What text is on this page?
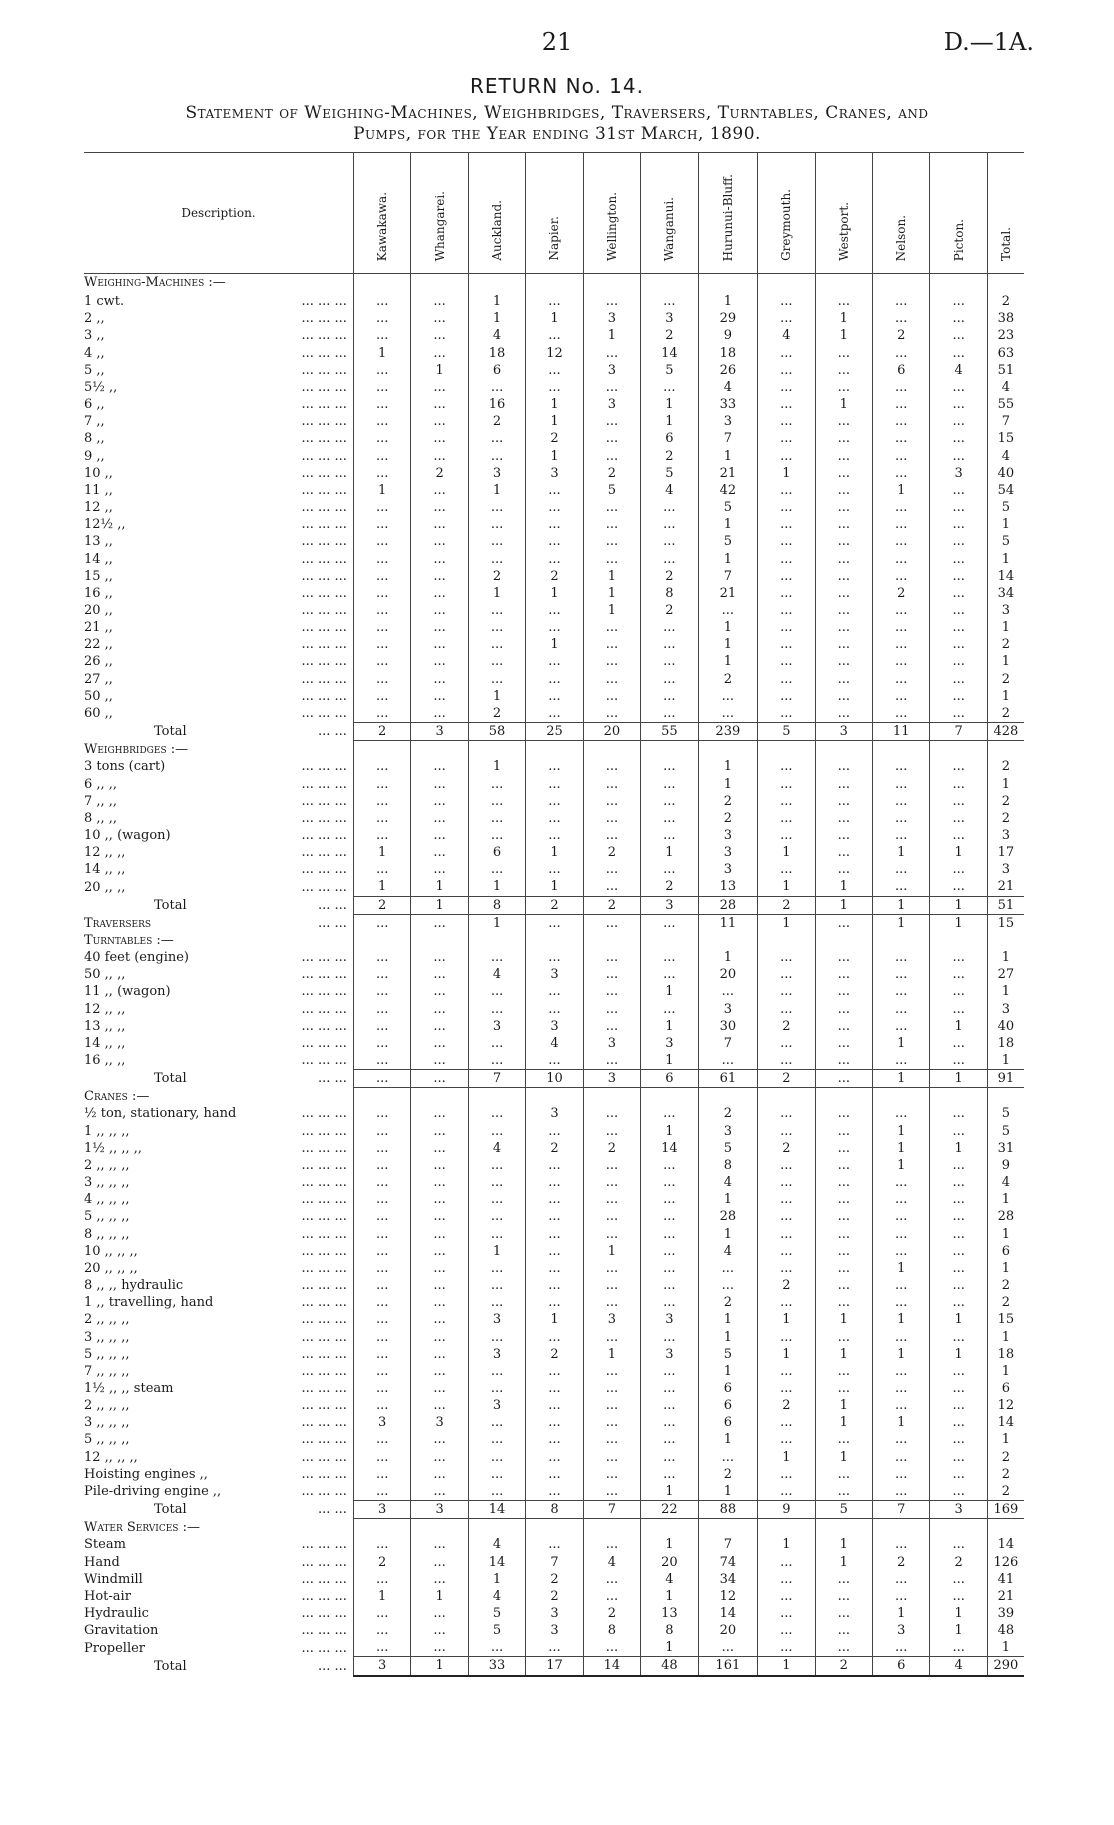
21	D.—1A.
RETURN No. 14.
Statement of Weighing-Machines, Weighbridges, Traversers, Turntables, Cranes, and
Pumps, for the Year ending 31st March, 1890.
Description.	Kawakawa.	Whangarei.	Auckland.	Napier.	Wellington.	Wanganui.	Hurunui-Bluff.	Greymouth.	Westport.	Nelson.	Picton.	Total.
Weighing-Machines :—												
1 cwt. ... ... ...	...	...	1	...	...	...	1	...	...	...	...	2
2 ,, ... ... ...	...	...	1	1	3	3	29	...	1	...	...	38
3 ,, ... ... ...	...	...	4	...	1	2	9	4	1	2	...	23
4 ,, ... ... ...	1	...	18	12	...	14	18	...	...	...	...	63
5 ,, ... ... ...	...	1	6	...	3	5	26	...	...	6	4	51
5½ ,, ... ... ...	...	...	...	...	...	...	4	...	...	...	...	4
6 ,, ... ... ...	...	...	16	1	3	1	33	...	1	...	...	55
7 ,, ... ... ...	...	...	2	1	...	1	3	...	...	...	...	7
8 ,, ... ... ...	...	...	...	2	...	6	7	...	...	...	...	15
9 ,, ... ... ...	...	...	...	1	...	2	1	...	...	...	...	4
10 ,, ... ... ...	...	2	3	3	2	5	21	1	...	...	3	40
11 ,, ... ... ...	1	...	1	...	5	4	42	...	...	1	...	54
12 ,, ... ... ...	...	...	...	...	...	...	5	...	...	...	...	5
12½ ,, ... ... ...	...	...	...	...	...	...	1	...	...	...	...	1
13 ,, ... ... ...	...	...	...	...	...	...	5	...	...	...	...	5
14 ,, ... ... ...	...	...	...	...	...	...	1	...	...	...	...	1
15 ,, ... ... ...	...	...	2	2	1	2	7	...	...	...	...	14
16 ,, ... ... ...	...	...	1	1	1	8	21	...	...	2	...	34
20 ,, ... ... ...	...	...	...	...	1	2	...	...	...	...	...	3
21 ,, ... ... ...	...	...	...	...	...	...	1	...	...	...	...	1
22 ,, ... ... ...	...	...	...	1	...	...	1	...	...	...	...	2
26 ,, ... ... ...	...	...	...	...	...	...	1	...	...	...	...	1
27 ,, ... ... ...	...	...	...	...	...	...	2	...	...	...	...	2
50 ,, ... ... ...	...	...	1	...	...	...	...	...	...	...	...	1
60 ,, ... ... ...	...	...	2	...	...	...	...	...	...	...	...	2
Total ... ...	2	3	58	25	20	55	239	5	3	11	7	428
Weighbridges :—												
3 tons (cart) ... ... ...	...	...	1	...	...	...	1	...	...	...	...	2
6 ,, ,, ... ... ...	...	...	...	...	...	...	1	...	...	...	...	1
7 ,, ,, ... ... ...	...	...	...	...	...	...	2	...	...	...	...	2
8 ,, ,, ... ... ...	...	...	...	...	...	...	2	...	...	...	...	2
10 ,, (wagon) ... ... ...	...	...	...	...	...	...	3	...	...	...	...	3
12 ,, ,, ... ... ...	1	...	6	1	2	1	3	1	...	1	1	17
14 ,, ,, ... ... ...	...	...	...	...	...	...	3	...	...	...	...	3
20 ,, ,, ... ... ...	1	1	1	1	...	2	13	1	1	...	...	21
Total ... ...	2	1	8	2	2	3	28	2	1	1	1	51
Traversers ... ...	...	...	1	...	...	...	11	1	...	1	1	15
Turntables :—												
40 feet (engine) ... ... ...	...	...	...	...	...	...	1	...	...	...	...	1
50 ,, ,, ... ... ...	...	...	4	3	...	...	20	...	...	...	...	27
11 ,, (wagon) ... ... ...	...	...	...	...	...	1	...	...	...	...	...	1
12 ,, ,, ... ... ...	...	...	...	...	...	...	3	...	...	...	...	3
13 ,, ,, ... ... ...	...	...	3	3	...	1	30	2	...	...	1	40
14 ,, ,, ... ... ...	...	...	...	4	3	3	7	...	...	1	...	18
16 ,, ,, ... ... ...	...	...	...	...	...	1	...	...	...	...	...	1
Total ... ...	...	...	7	10	3	6	61	2	...	1	1	91
Cranes :—												
½ ton, stationary, hand ... ... ...	...	...	...	3	...	...	2	...	...	...	...	5
1 ,, ,, ,, ... ... ...	...	...	...	...	...	1	3	...	...	1	...	5
1½ ,, ,, ,, ... ... ...	...	...	4	2	2	14	5	2	...	1	1	31
2 ,, ,, ,, ... ... ...	...	...	...	...	...	...	8	...	...	1	...	9
3 ,, ,, ,, ... ... ...	...	...	...	...	...	...	4	...	...	...	...	4
4 ,, ,, ,, ... ... ...	...	...	...	...	...	...	1	...	...	...	...	1
5 ,, ,, ,, ... ... ...	...	...	...	...	...	...	28	...	...	...	...	28
8 ,, ,, ,, ... ... ...	...	...	...	...	...	...	1	...	...	...	...	1
10 ,, ,, ,, ... ... ...	...	...	1	...	1	...	4	...	...	...	...	6
20 ,, ,, ,, ... ... ...	...	...	...	...	...	...	...	...	...	1	...	1
8 ,, ,, hydraulic ... ... ...	...	...	...	...	...	...	...	2	...	...	...	2
1 ,, travelling, hand ... ... ...	...	...	...	...	...	...	2	...	...	...	...	2
2 ,, ,, ,, ... ... ...	...	...	3	1	3	3	1	1	1	1	1	15
3 ,, ,, ,, ... ... ...	...	...	...	...	...	...	1	...	...	...	...	1
5 ,, ,, ,, ... ... ...	...	...	3	2	1	3	5	1	1	1	1	18
7 ,, ,, ,, ... ... ...	...	...	...	...	...	...	1	...	...	...	...	1
1½ ,, ,, steam ... ... ...	...	...	...	...	...	...	6	...	...	...	...	6
2 ,, ,, ,, ... ... ...	...	...	3	...	...	...	6	2	1	...	...	12
3 ,, ,, ,, ... ... ...	3	3	...	...	...	...	6	...	1	1	...	14
5 ,, ,, ,, ... ... ...	...	...	...	...	...	...	1	...	...	...	...	1
12 ,, ,, ,, ... ... ...	...	...	...	...	...	...	...	1	1	...	...	2
Hoisting engines ,, ... ... ...	...	...	...	...	...	...	2	...	...	...	...	2
Pile-driving engine ,, ... ... ...	...	...	...	...	...	1	1	...	...	...	...	2
Total ... ...	3	3	14	8	7	22	88	9	5	7	3	169
Water Services :—												
Steam ... ... ...	...	...	4	...	...	1	7	1	1	...	...	14
Hand ... ... ...	2	...	14	7	4	20	74	...	1	2	2	126
Windmill ... ... ...	...	...	1	2	...	4	34	...	...	...	...	41
Hot-air ... ... ...	1	1	4	2	...	1	12	...	...	...	...	21
Hydraulic ... ... ...	...	...	5	3	2	13	14	...	...	1	1	39
Gravitation ... ... ...	...	...	5	3	8	8	20	...	...	3	1	48
Propeller ... ... ...	...	...	...	...	...	1	...	...	...	...	...	1
Total ... ...	3	1	33	17	14	48	161	1	2	6	4	290
